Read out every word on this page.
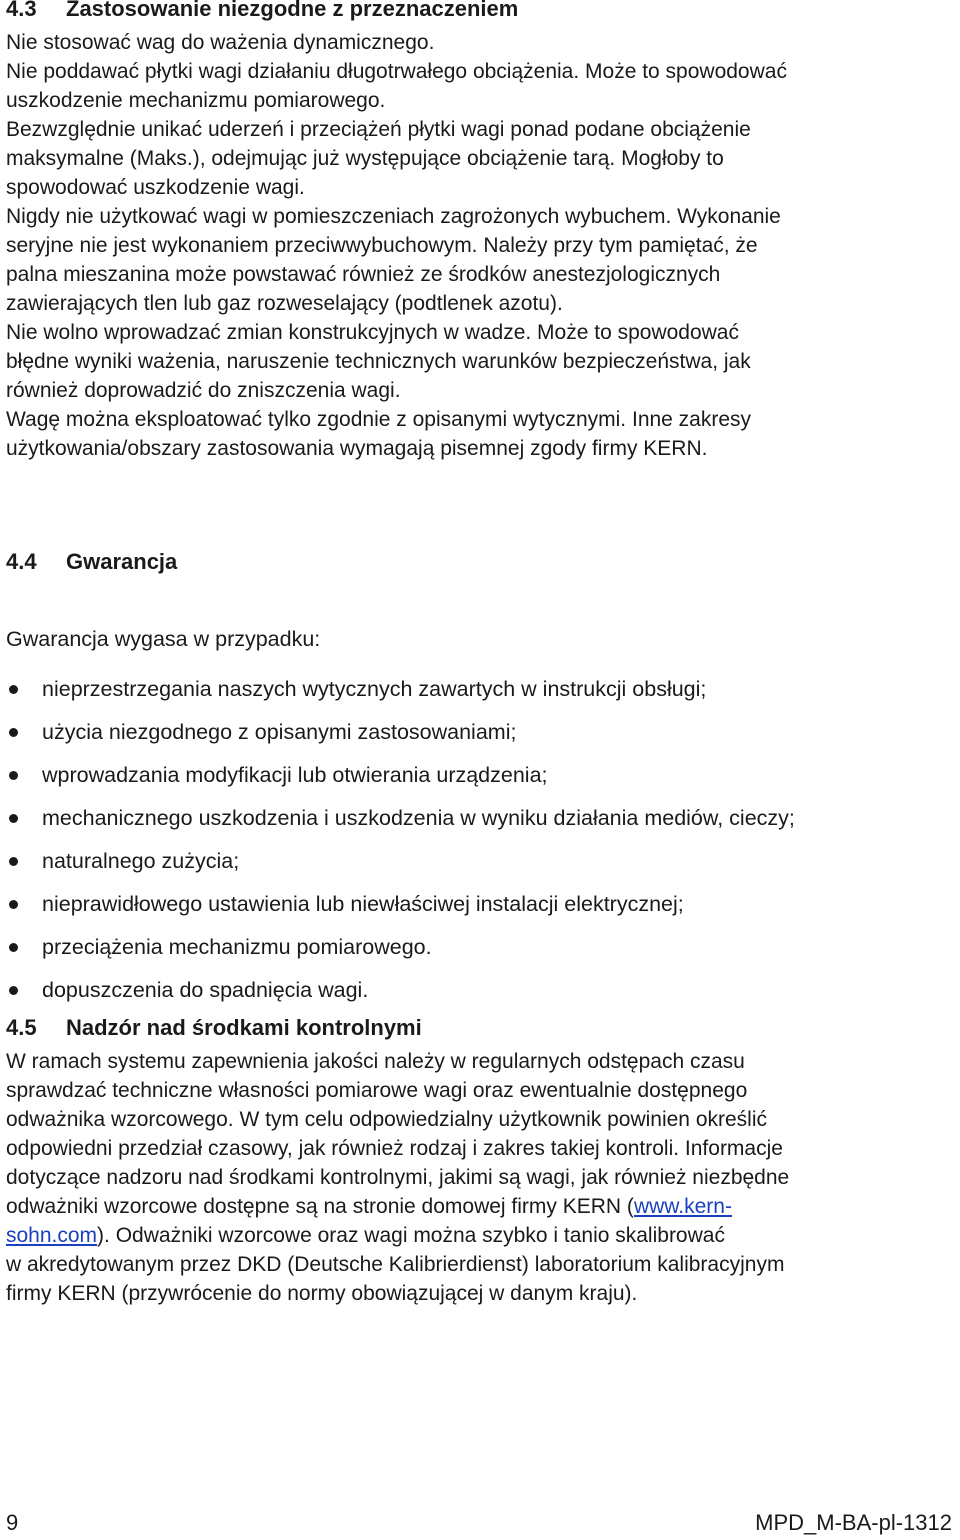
4.3	Zastosowanie niezgodne z przeznaczeniem
Nie stosować wag do ważenia dynamicznego.
Nie poddawać płytki wagi działaniu długotrwałego obciążenia. Może to spowodować
uszkodzenie mechanizmu pomiarowego.
Bezwzględnie unikać uderzeń i przeciążeń płytki wagi ponad podane obciążenie
maksymalne (Maks.), odejmując już występujące obciążenie tarą. Mogłoby to
spowodować uszkodzenie wagi.
Nigdy nie użytkować wagi w pomieszczeniach zagrożonych wybuchem. Wykonanie
seryjne nie jest wykonaniem przeciwwybuchowym. Należy przy tym pamiętać, że
palna mieszanina może powstawać również ze środków anestezjologicznych
zawierających tlen lub gaz rozweselający (podtlenek azotu).
Nie wolno wprowadzać zmian konstrukcyjnych w wadze. Może to spowodować
błędne wyniki ważenia, naruszenie technicznych warunków bezpieczeństwa, jak
również doprowadzić do zniszczenia wagi.
Wagę można eksploatować tylko zgodnie z opisanymi wytycznymi. Inne zakresy
użytkowania/obszary zastosowania wymagają pisemnej zgody firmy KERN.
4.4	Gwarancja
Gwarancja wygasa w przypadku:
nieprzestrzegania naszych wytycznych zawartych w instrukcji obsługi;
użycia niezgodnego z opisanymi zastosowaniami;
wprowadzania modyfikacji lub otwierania urządzenia;
mechanicznego uszkodzenia i uszkodzenia w wyniku działania mediów, cieczy;
naturalnego zużycia;
nieprawidłowego ustawienia lub niewłaściwej instalacji elektrycznej;
przeciążenia mechanizmu pomiarowego.
dopuszczenia do spadnięcia wagi.
4.5	Nadzór nad środkami kontrolnymi
W ramach systemu zapewnienia jakości należy w regularnych odstępach czasu
sprawdzać techniczne własności pomiarowe wagi oraz ewentualnie dostępnego
odważnika wzorcowego. W tym celu odpowiedzialny użytkownik powinien określić
odpowiedni przedział czasowy, jak również rodzaj i zakres takiej kontroli. Informacje
dotyczące nadzoru nad środkami kontrolnymi, jakimi są wagi, jak również niezbędne
odważniki wzorcowe dostępne są na stronie domowej firmy KERN (www.kern-
sohn.com). Odważniki wzorcowe oraz wagi można szybko i tanio skalibrować
w akredytowanym przez DKD (Deutsche Kalibrierdienst) laboratorium kalibracyjnym
firmy KERN (przywrócenie do normy obowiązującej w danym kraju).
9	MPD_M-BA-pl-1312
